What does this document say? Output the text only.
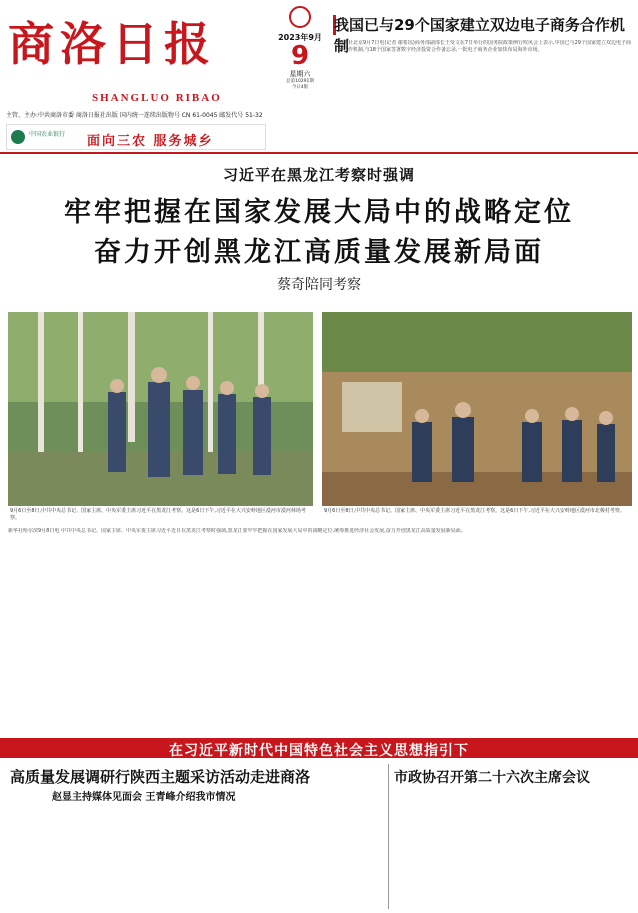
商洛日报
SHANGLUO RIBAO
主管、主办:中共商洛市委 商洛日报社出版 国内统一连续出版物号 CN 61-0045 邮发代号 51-32
中国农业银行 面向三农 服务城乡
2023年9月
9
星期六
总第10291期
今日4版
我国已与29个国家建立双边电子商务合作机制
新华社北京9月7日电(记者 谢希瑶)商务部副部长王受文在7日举行的国务院政策例行吹风会上表示,中国已与29个国家建立双边电子商务合作机制,与18个国家签署数字经济投资合作备忘录,一批电子商务企业加快布局海外市场。
习近平在黑龙江考察时强调
牢牢把握在国家发展大局中的战略定位
奋力开创黑龙江高质量发展新局面
蔡奇陪同考察
9月6日至8日,中共中央总书记、国家主席、中央军委主席习近平在黑龙江考察。这是6日下午,习近平在大兴安岭地区漠河市漠河林场考察。
9月6日至8日,中共中央总书记、国家主席、中央军委主席习近平在黑龙江考察。这是6日下午,习近平在大兴安岭地区漠河市北极村考察。
新华社哈尔滨9月8日电 中共中央总书记、国家主席、中央军委主席习近平近日在黑龙江考察时强调,黑龙江要牢牢把握在国家发展大局中的战略定位,统筹推进经济社会发展,奋力开创黑龙江高质量发展新局面。
在习近平新时代中国特色社会主义思想指引下
高质量发展调研行陕西主题采访活动走进商洛
赵显主持媒体见面会 王青峰介绍我市情况
市政协召开第二十六次主席会议
